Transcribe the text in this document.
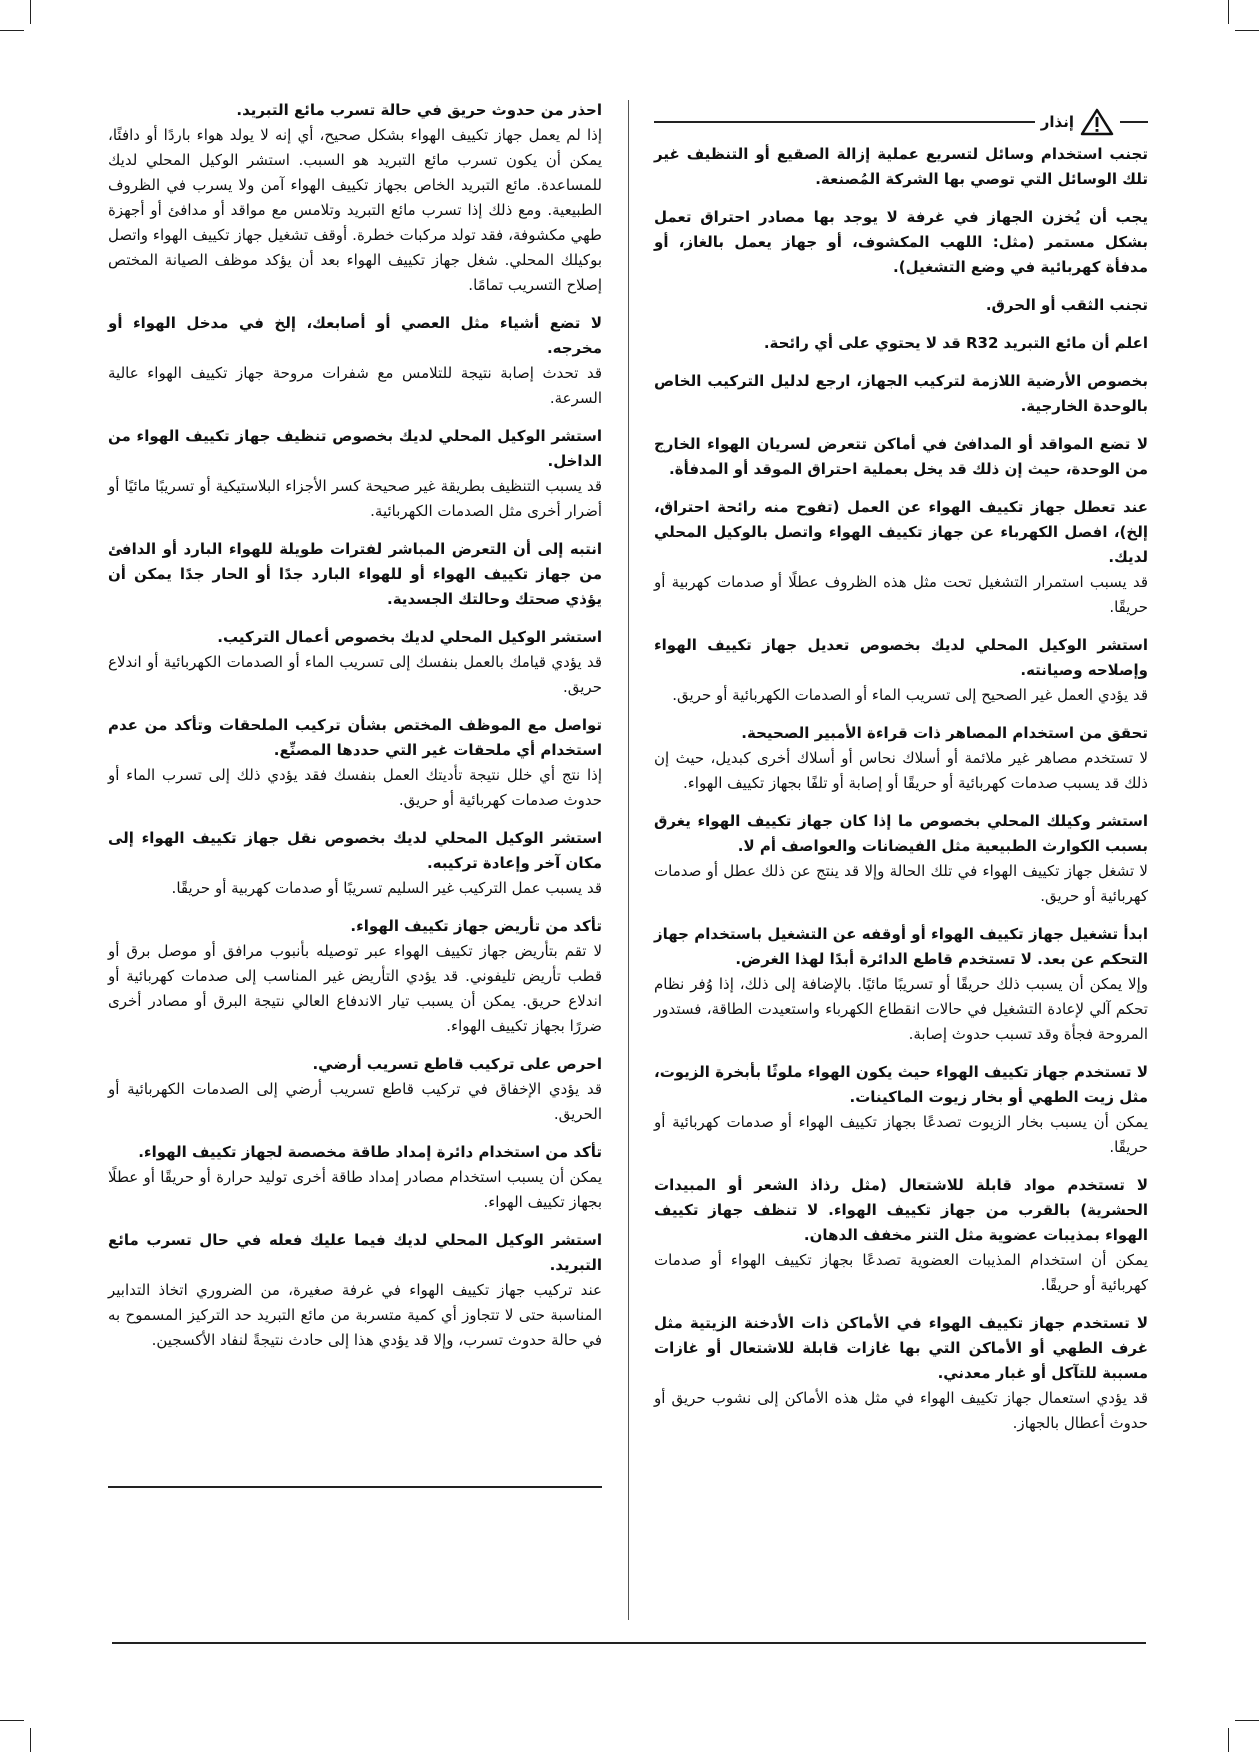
احذر من حدوث حريق في حالة تسرب مائع التبريد.

إذا لم يعمل جهاز تكييف الهواء بشكل صحيح، أي إنه لا يولد هواء باردًا أو دافئًا، يمكن أن يكون تسرب مائع التبريد هو السبب. استشر الوكيل المحلي لديك للمساعدة. مائع التبريد الخاص بجهاز تكييف الهواء آمن ولا يسرب في الظروف الطبيعية. ومع ذلك إذا تسرب مائع التبريد وتلامس مع مواقد أو مدافئ أو أجهزة طهي مكشوفة، فقد تولد مركبات خطرة. أوقف تشغيل جهاز تكييف الهواء واتصل بوكيلك المحلي. شغل جهاز تكييف الهواء بعد أن يؤكد موظف الصيانة المختص إصلاح التسريب تمامًا.

لا تضع أشياء مثل العصي أو أصابعك، إلخ في مدخل الهواء أو مخرجه.

قد تحدث إصابة نتيجة للتلامس مع شفرات مروحة جهاز تكييف الهواء عالية السرعة.

استشر الوكيل المحلي لديك بخصوص تنظيف جهاز تكييف الهواء من الداخل.

قد يسبب التنظيف بطريقة غير صحيحة كسر الأجزاء البلاستيكية أو تسريبًا مائيًا أو أضرار أخرى مثل الصدمات الكهربائية.

انتبه إلى أن التعرض المباشر لفترات طويلة للهواء البارد أو الدافئ من جهاز تكييف الهواء أو للهواء البارد جدًا أو الحار جدًا يمكن أن يؤذي صحتك وحالتك الجسدية.

استشر الوكيل المحلي لديك بخصوص أعمال التركيب.

قد يؤدي قيامك بالعمل بنفسك إلى تسريب الماء أو الصدمات الكهربائية أو اندلاع حريق.

تواصل مع الموظف المختص بشأن تركيب الملحقات وتأكد من عدم استخدام أي ملحقات غير التي حددها المصنِّع.

إذا نتج أي خلل نتيجة تأديتك العمل بنفسك فقد يؤدي ذلك إلى تسرب الماء أو حدوث صدمات كهربائية أو حريق.

استشر الوكيل المحلي لديك بخصوص نقل جهاز تكييف الهواء إلى مكان آخر وإعادة تركيبه.

قد يسبب عمل التركيب غير السليم تسريبًا أو صدمات كهربية أو حريقًا.

تأكد من تأريض جهاز تكييف الهواء.

لا تقم بتأريض جهاز تكييف الهواء عبر توصيله بأنبوب مرافق أو موصل برق أو قطب تأريض تليفوني. قد يؤدي التأريض غير المناسب إلى صدمات كهربائية أو اندلاع حريق. يمكن أن يسبب تيار الاندفاع العالي نتيجة البرق أو مصادر أخرى ضررًا بجهاز تكييف الهواء.

احرص على تركيب قاطع تسريب أرضي.

قد يؤدي الإخفاق في تركيب قاطع تسريب أرضي إلى الصدمات الكهربائية أو الحريق.

تأكد من استخدام دائرة إمداد طاقة مخصصة لجهاز تكييف الهواء.

يمكن أن يسبب استخدام مصادر إمداد طاقة أخرى توليد حرارة أو حريقًا أو عطلًا بجهاز تكييف الهواء.

استشر الوكيل المحلي لديك فيما عليك فعله في حال تسرب مائع التبريد.

عند تركيب جهاز تكييف الهواء في غرفة صغيرة، من الضروري اتخاذ التدابير المناسبة حتى لا تتجاوز أي كمية متسربة من مائع التبريد حد التركيز المسموح به في حالة حدوث تسرب، وإلا قد يؤدي هذا إلى حادث نتيجةً لنفاد الأكسجين.

إنذار

تجنب استخدام وسائل لتسريع عملية إزالة الصقيع أو التنظيف غير تلك الوسائل التي توصي بها الشركة المُصنعة.

يجب أن يُخزن الجهاز في غرفة لا يوجد بها مصادر احتراق تعمل بشكل مستمر (مثل: اللهب المكشوف، أو جهاز يعمل بالغاز، أو مدفأة كهربائية في وضع التشغيل).

تجنب الثقب أو الحرق.

اعلم أن مائع التبريد R32 قد لا يحتوي على أي رائحة.

بخصوص الأرضية اللازمة لتركيب الجهاز، ارجع لدليل التركيب الخاص بالوحدة الخارجية.

لا تضع المواقد أو المدافئ في أماكن تتعرض لسريان الهواء الخارج من الوحدة، حيث إن ذلك قد يخل بعملية احتراق الموقد أو المدفأة.

عند تعطل جهاز تكييف الهواء عن العمل (تفوح منه رائحة احتراق، إلخ)، افصل الكهرباء عن جهاز تكييف الهواء واتصل بالوكيل المحلي لديك.

قد يسبب استمرار التشغيل تحت مثل هذه الظروف عطلًا أو صدمات كهربية أو حريقًا.

استشر الوكيل المحلي لديك بخصوص تعديل جهاز تكييف الهواء وإصلاحه وصيانته.

قد يؤدي العمل غير الصحيح إلى تسريب الماء أو الصدمات الكهربائية أو حريق.

تحقق من استخدام المصاهر ذات قراءة الأمبير الصحيحة.

لا تستخدم مصاهر غير ملائمة أو أسلاك نحاس أو أسلاك أخرى كبديل، حيث إن ذلك قد يسبب صدمات كهربائية أو حريقًا أو إصابة أو تلفًا بجهاز تكييف الهواء.

استشر وكيلك المحلي بخصوص ما إذا كان جهاز تكييف الهواء يغرق بسبب الكوارث الطبيعية مثل الفيضانات والعواصف أم لا.

لا تشغل جهاز تكييف الهواء في تلك الحالة وإلا قد ينتج عن ذلك عطل أو صدمات كهربائية أو حريق.

ابدأ تشغيل جهاز تكييف الهواء أو أوقفه عن التشغيل باستخدام جهاز التحكم عن بعد. لا تستخدم قاطع الدائرة أبدًا لهذا الغرض.

وإلا يمكن أن يسبب ذلك حريقًا أو تسريبًا مائيًا. بالإضافة إلى ذلك، إذا وُفر نظام تحكم آلي لإعادة التشغيل في حالات انقطاع الكهرباء واستعيدت الطاقة، فستدور المروحة فجأة وقد تسبب حدوث إصابة.

لا تستخدم جهاز تكييف الهواء حيث يكون الهواء ملوثًا بأبخرة الزيوت، مثل زيت الطهي أو بخار زيوت الماكينات.

يمكن أن يسبب بخار الزيوت تصدعًا بجهاز تكييف الهواء أو صدمات كهربائية أو حريقًا.

لا تستخدم مواد قابلة للاشتعال (مثل رذاذ الشعر أو المبيدات الحشرية) بالقرب من جهاز تكييف الهواء. لا تنظف جهاز تكييف الهواء بمذيبات عضوية مثل التنر مخفف الدهان.

يمكن أن استخدام المذيبات العضوية تصدعًا بجهاز تكييف الهواء أو صدمات كهربائية أو حريقًا.

لا تستخدم جهاز تكييف الهواء في الأماكن ذات الأدخنة الزيتية مثل غرف الطهي أو الأماكن التي بها غازات قابلة للاشتعال أو غازات مسببة للتآكل أو غبار معدني.

قد يؤدي استعمال جهاز تكييف الهواء في مثل هذه الأماكن إلى نشوب حريق أو حدوث أعطال بالجهاز.
